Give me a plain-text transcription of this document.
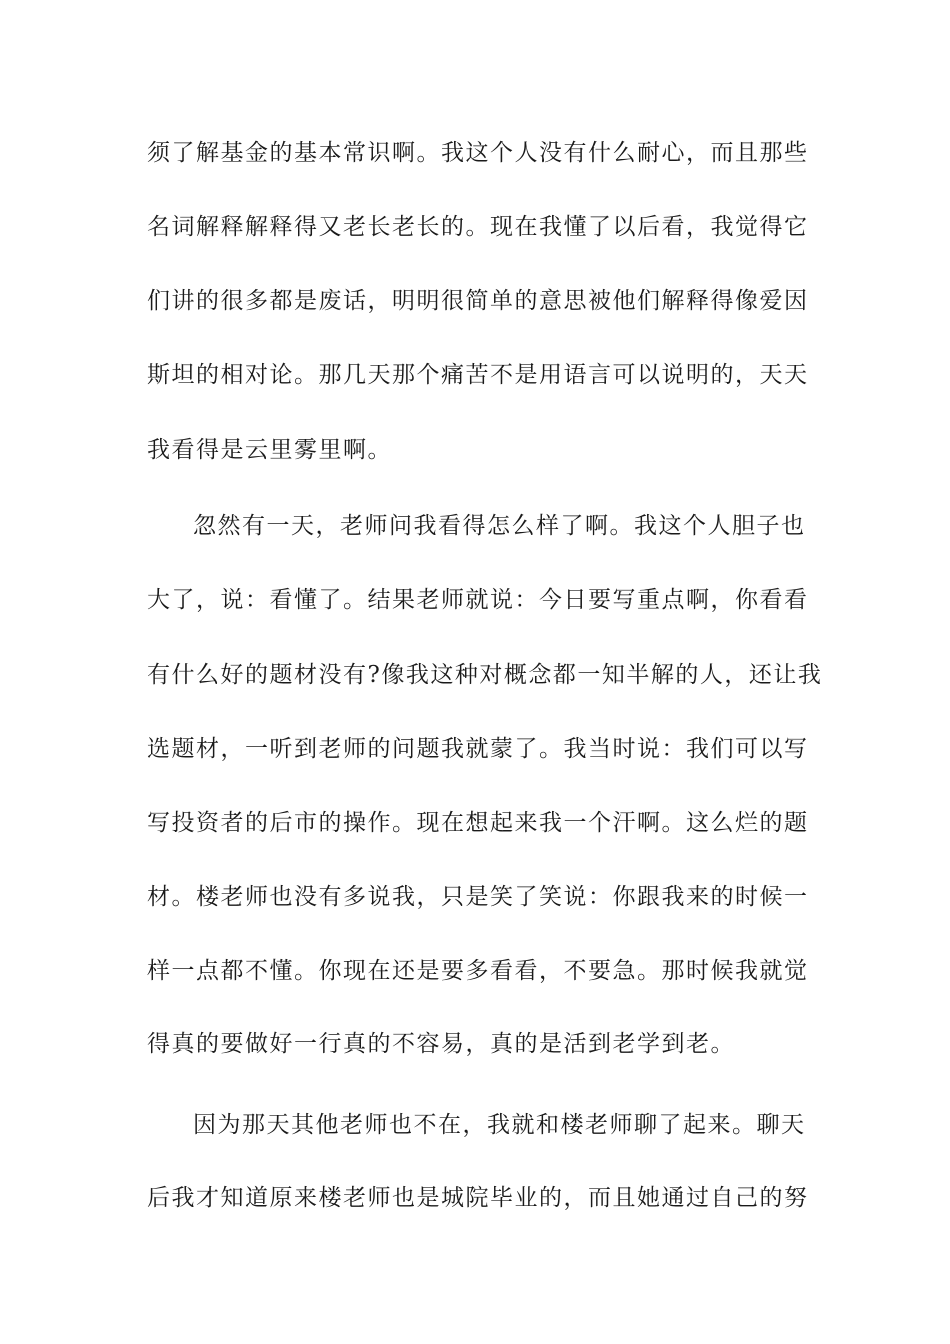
须了解基金的基本常识啊。我这个人没有什么耐心，而且那些
名词解释解释得又老长老长的。现在我懂了以后看，我觉得它
们讲的很多都是废话，明明很简单的意思被他们解释得像爱因
斯坦的相对论。那几天那个痛苦不是用语言可以说明的，天天
我看得是云里雾里啊。
忽然有一天，老师问我看得怎么样了啊。我这个人胆子也
大了，说：看懂了。结果老师就说：今日要写重点啊，你看看
有什么好的题材没有?像我这种对概念都一知半解的人，还让我
选题材，一听到老师的问题我就蒙了。我当时说：我们可以写
写投资者的后市的操作。现在想起来我一个汗啊。这么烂的题
材。楼老师也没有多说我，只是笑了笑说：你跟我来的时候一
样一点都不懂。你现在还是要多看看，不要急。那时候我就觉
得真的要做好一行真的不容易，真的是活到老学到老。
因为那天其他老师也不在，我就和楼老师聊了起来。聊天
后我才知道原来楼老师也是城院毕业的，而且她通过自己的努
